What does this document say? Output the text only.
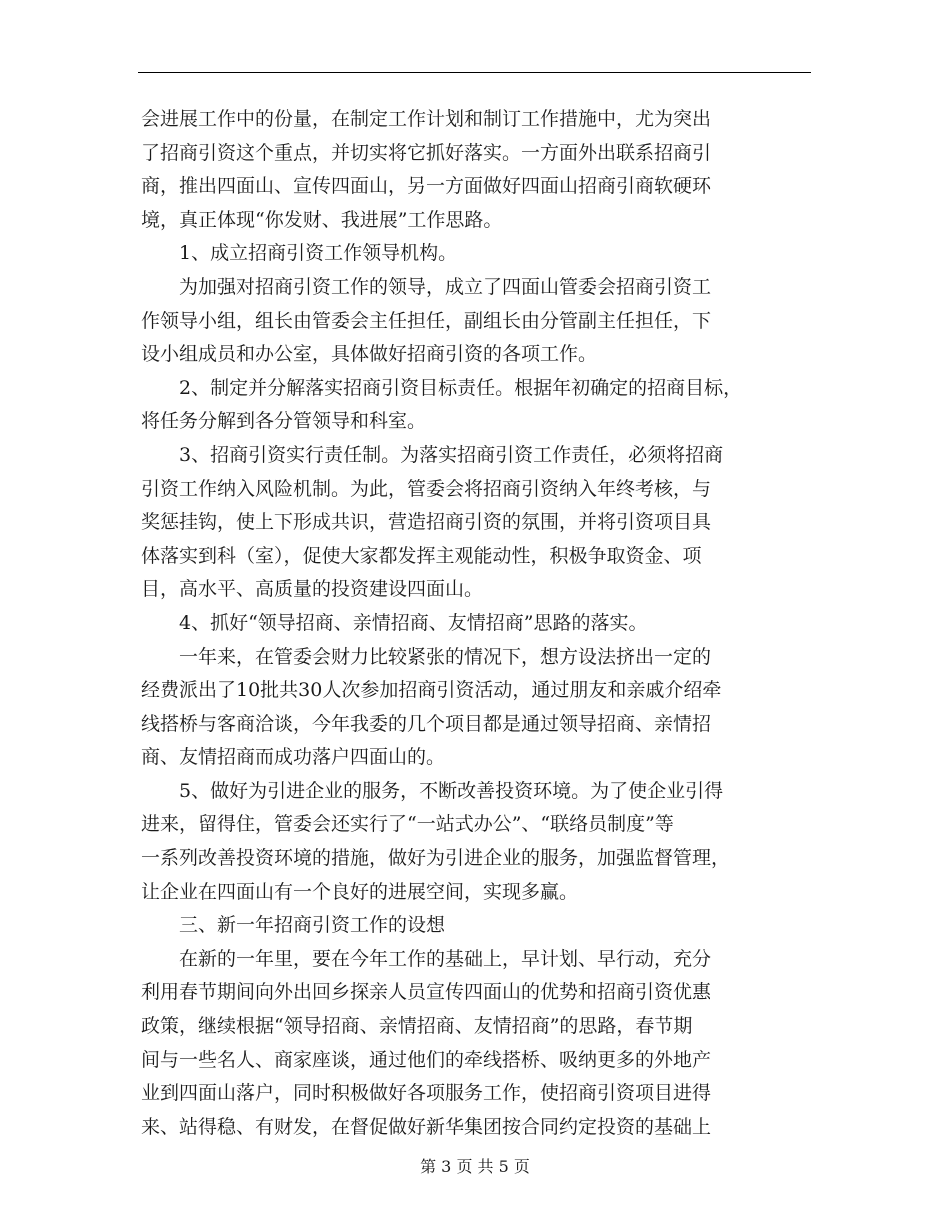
会进展工作中的份量，在制定工作计划和制订工作措施中，尤为突出
了招商引资这个重点，并切实将它抓好落实。一方面外出联系招商引
商，推出四面山、宣传四面山，另一方面做好四面山招商引商软硬环
境，真正体现“你发财、我进展”工作思路。
　　1、成立招商引资工作领导机构。
　　为加强对招商引资工作的领导，成立了四面山管委会招商引资工
作领导小组，组长由管委会主任担任，副组长由分管副主任担任，下
设小组成员和办公室，具体做好招商引资的各项工作。
　　2、制定并分解落实招商引资目标责任。根据年初确定的招商目标，
将任务分解到各分管领导和科室。
　　3、招商引资实行责任制。为落实招商引资工作责任，必须将招商
引资工作纳入风险机制。为此，管委会将招商引资纳入年终考核，与
奖惩挂钩，使上下形成共识，营造招商引资的氛围，并将引资项目具
体落实到科（室），促使大家都发挥主观能动性，积极争取资金、项
目，高水平、高质量的投资建设四面山。
　　4、抓好“领导招商、亲情招商、友情招商”思路的落实。
　　一年来，在管委会财力比较紧张的情况下，想方设法挤出一定的
经费派出了10批共30人次参加招商引资活动，通过朋友和亲戚介绍牵
线搭桥与客商洽谈，今年我委的几个项目都是通过领导招商、亲情招
商、友情招商而成功落户四面山的。
　　5、做好为引进企业的服务，不断改善投资环境。为了使企业引得
进来，留得住，管委会还实行了“一站式办公”、“联络员制度”等
一系列改善投资环境的措施，做好为引进企业的服务，加强监督管理，
让企业在四面山有一个良好的进展空间，实现多赢。
　　三、新一年招商引资工作的设想
　　在新的一年里，要在今年工作的基础上，早计划、早行动，充分
利用春节期间向外出回乡探亲人员宣传四面山的优势和招商引资优惠
政策，继续根据“领导招商、亲情招商、友情招商”的思路，春节期
间与一些名人、商家座谈，通过他们的牵线搭桥、吸纳更多的外地产
业到四面山落户，同时积极做好各项服务工作，使招商引资项目进得
来、站得稳、有财发，在督促做好新华集团按合同约定投资的基础上
第 3 页 共 5 页
